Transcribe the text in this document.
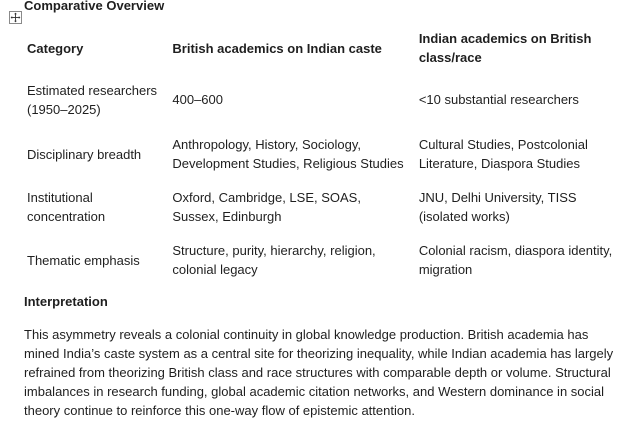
Comparative Overview
Category	British academics on Indian caste	Indian academics on British class/race
Estimated researchers (1950–2025)	400–600	<10 substantial researchers
Disciplinary breadth	Anthropology, History, Sociology, Development Studies, Religious Studies	Cultural Studies, Postcolonial Literature, Diaspora Studies
Institutional concentration	Oxford, Cambridge, LSE, SOAS, Sussex, Edinburgh	JNU, Delhi University, TISS (isolated works)
Thematic emphasis	Structure, purity, hierarchy, religion, colonial legacy	Colonial racism, diaspora identity, migration
Interpretation

This asymmetry reveals a colonial continuity in global knowledge production. British academia has mined India’s caste system as a central site for theorizing inequality, while Indian academia has largely refrained from theorizing British class and race structures with comparable depth or volume. Structural imbalances in research funding, global academic citation networks, and Western dominance in social theory continue to reinforce this one-way flow of epistemic attention.
